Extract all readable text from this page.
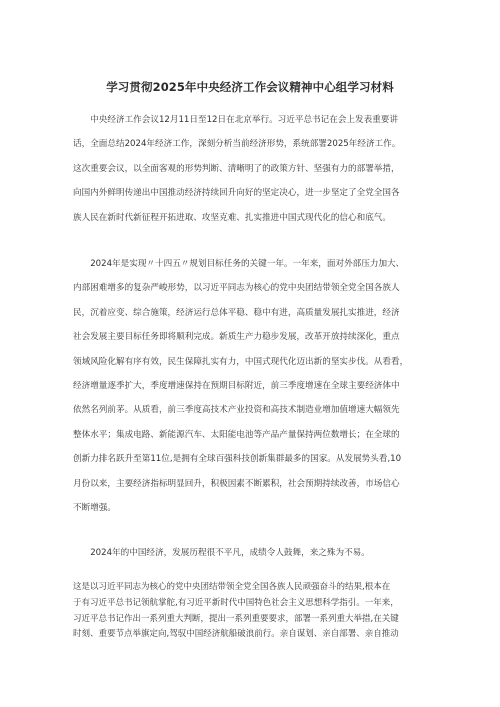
学习贯彻2025年中央经济工作会议精神中心组学习材料
　　中央经济工作会议12月11日至12日在北京举行。习近平总书记在会上发表重要讲
话，全面总结2024年经济工作，深刻分析当前经济形势，系统部署2025年经济工作。
这次重要会议，以全面客观的形势判断、清晰明了的政策方针、坚强有力的部署举措，
向国内外鲜明传递出中国推动经济持续回升向好的坚定决心，进一步坚定了全党全国各
族人民在新时代新征程开拓进取、攻坚克难、扎实推进中国式现代化的信心和底气。
　　2024年是实现〃十四五〃规划目标任务的关键一年。一年来，面对外部压力加大、
内部困难增多的复杂严峻形势，以习近平同志为核心的党中央团结带领全党全国各族人
民，沉着应变、综合施策，经济运行总体平稳、稳中有进，高质量发展扎实推进，经济
社会发展主要目标任务即将顺利完成。新质生产力稳步发展，改革开放持续深化，重点
领域风险化解有序有效，民生保障扎实有力，中国式现代化迈出新的坚实步伐。从看看，
经济增量逐季扩大，季度增速保持在预期目标附近，前三季度增速在全球主要经济体中
依然名列前茅。从质看，前三季度高技术产业投资和高技术制造业增加值增速大幅领先
整体水平；集成电路、新能源汽车、太阳能电池等产品产量保持两位数增长；在全球的
创新力排名跃升至第11位,是拥有全球百强科技创新集群最多的国家。从发展势头看,10
月份以来，主要经济指标明显回升，积极因素不断累积，社会预期持续改善，市场信心
不断增强。
　　2024年的中国经济，发展历程很不平凡，成绩令人鼓舞，来之殊为不易。
这是以习近平同志为核心的党中央团结带领全党全国各族人民顽强奋斗的结果,根本在
于有习近平总书记领航掌舵,有习近平新时代中国特色社会主义思想科学指引。一年来，
习近平总书记作出一系列重大判断，提出一系列重要要求，部署一系列重大举措,在关键
时刻、重要节点举旗定向,驾驭中国经济航船破浪前行。亲自谋划、亲自部署、亲自推动
